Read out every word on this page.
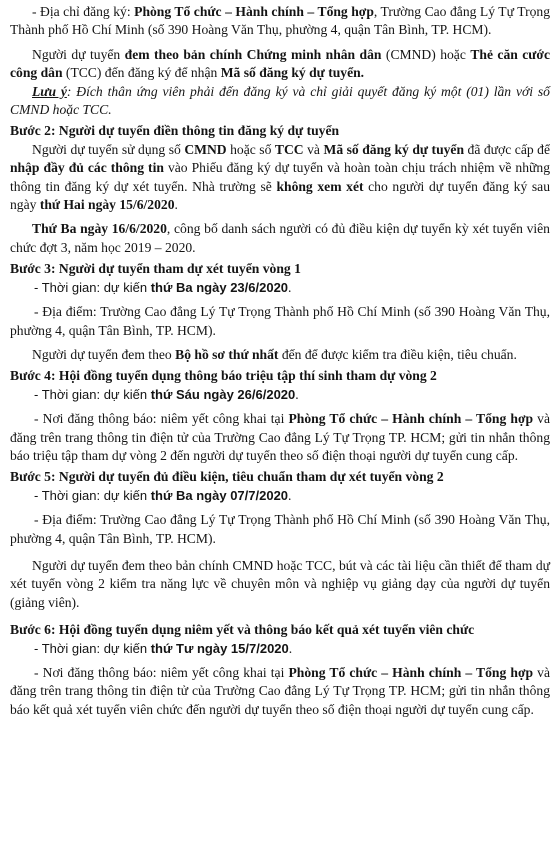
- Địa chỉ đăng ký: Phòng Tổ chức – Hành chính – Tổng hợp, Trường Cao đẳng Lý Tự Trọng Thành phố Hồ Chí Minh (số 390 Hoàng Văn Thụ, phường 4, quận Tân Bình, TP. HCM).

Người dự tuyển đem theo bản chính Chứng minh nhân dân (CMND) hoặc Thẻ căn cước công dân (TCC) đến đăng ký để nhận Mã số đăng ký dự tuyển.

Lưu ý: Đích thân ứng viên phải đến đăng ký và chỉ giải quyết đăng ký một (01) lần với số CMND hoặc TCC.

Bước 2: Người dự tuyển điền thông tin đăng ký dự tuyển

Người dự tuyển sử dụng số CMND hoặc số TCC và Mã số đăng ký dự tuyển đã được cấp để nhập đầy đủ các thông tin vào Phiếu đăng ký dự tuyển và hoàn toàn chịu trách nhiệm về những thông tin đăng ký dự xét tuyển. Nhà trường sẽ không xem xét cho người dự tuyển đăng ký sau ngày thứ Hai ngày 15/6/2020.

Thứ Ba ngày 16/6/2020, công bố danh sách người có đủ điều kiện dự tuyển kỳ xét tuyển viên chức đợt 3, năm học 2019 – 2020.

Bước 3: Người dự tuyển tham dự xét tuyển vòng 1

- Thời gian: dự kiến thứ Ba ngày 23/6/2020.

- Địa điểm: Trường Cao đẳng Lý Tự Trọng Thành phố Hồ Chí Minh (số 390 Hoàng Văn Thụ, phường 4, quận Tân Bình, TP. HCM).

Người dự tuyển đem theo Bộ hồ sơ thứ nhất đến để được kiểm tra điều kiện, tiêu chuẩn.

Bước 4: Hội đồng tuyển dụng thông báo triệu tập thí sinh tham dự vòng 2

- Thời gian: dự kiến thứ Sáu ngày 26/6/2020.

- Nơi đăng thông báo: niêm yết công khai tại Phòng Tổ chức – Hành chính – Tổng hợp và đăng trên trang thông tin điện tử của Trường Cao đẳng Lý Tự Trọng TP. HCM; gửi tin nhắn thông báo triệu tập tham dự vòng 2 đến người dự tuyển theo số điện thoại người dự tuyển cung cấp.

Bước 5: Người dự tuyển đủ điều kiện, tiêu chuẩn tham dự xét tuyển vòng 2

- Thời gian: dự kiến thứ Ba ngày 07/7/2020.

- Địa điểm: Trường Cao đẳng Lý Tự Trọng Thành phố Hồ Chí Minh (số 390 Hoàng Văn Thụ, phường 4, quận Tân Bình, TP. HCM).

Người dự tuyển đem theo bản chính CMND hoặc TCC, bút và các tài liệu cần thiết để tham dự xét tuyển vòng 2 kiểm tra năng lực về chuyên môn và nghiệp vụ giảng dạy của người dự tuyển (giảng viên).

Bước 6: Hội đồng tuyển dụng niêm yết và thông báo kết quả xét tuyển viên chức

- Thời gian: dự kiến thứ Tư ngày 15/7/2020.

- Nơi đăng thông báo: niêm yết công khai tại Phòng Tổ chức – Hành chính – Tổng hợp và đăng trên trang thông tin điện tử của Trường Cao đẳng Lý Tự Trọng TP. HCM; gửi tin nhắn thông báo kết quả xét tuyển viên chức đến người dự tuyển theo số điện thoại người dự tuyển cung cấp.
